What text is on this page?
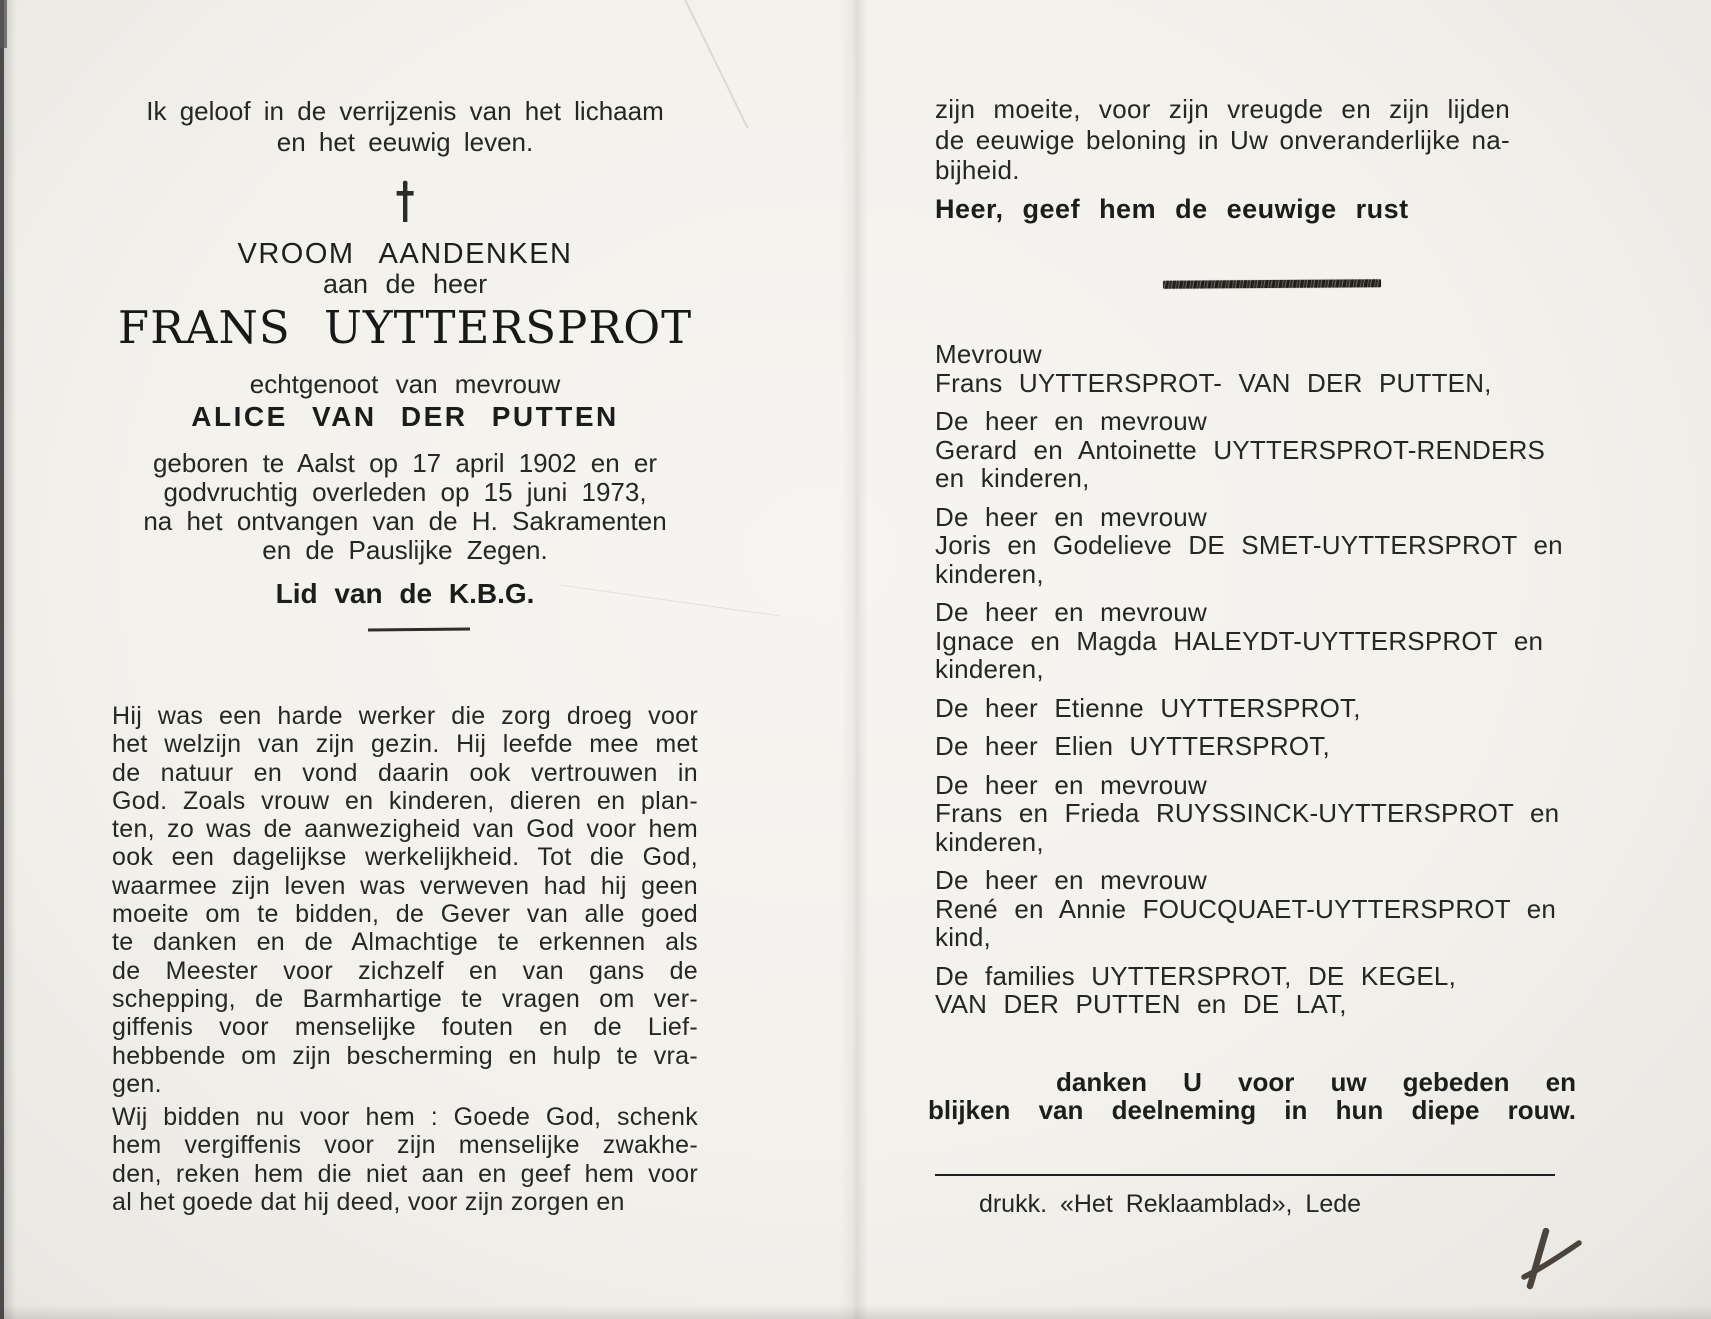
Ik geloof in de verrijzenis van het lichaam
en het eeuwig leven.
VROOM AANDENKEN
aan de heer
FRANS UYTTERSPROT
echtgenoot van mevrouw
ALICE VAN DER PUTTEN
geboren te Aalst op 17 april 1902 en er
godvruchtig overleden op 15 juni 1973,
na het ontvangen van de H. Sakramenten
en de Pauslijke Zegen.
Lid van de K.B.G.
Hij was een harde werker die zorg droeg voor
het welzijn van zijn gezin. Hij leefde mee met
de natuur en vond daarin ook vertrouwen in
God. Zoals vrouw en kinderen, dieren en plan-
ten, zo was de aanwezigheid van God voor hem
ook een dagelijkse werkelijkheid. Tot die God,
waarmee zijn leven was verweven had hij geen
moeite om te bidden, de Gever van alle goed
te danken en de Almachtige te erkennen als
de Meester voor zichzelf en van gans de
schepping, de Barmhartige te vragen om ver-
giffenis voor menselijke fouten en de Lief-
hebbende om zijn bescherming en hulp te vra-
gen.
Wij bidden nu voor hem : Goede God, schenk
hem vergiffenis voor zijn menselijke zwakhe-
den, reken hem die niet aan en geef hem voor
al het goede dat hij deed, voor zijn zorgen en
zijn moeite, voor zijn vreugde en zijn lijden
de eeuwige beloning in Uw onveranderlijke na-
bijheid.
Heer, geef hem de eeuwige rust
Mevrouw
Frans UYTTERSPROT- VAN DER PUTTEN,
De heer en mevrouw
Gerard en Antoinette UYTTERSPROT-RENDERS
en kinderen,
De heer en mevrouw
Joris en Godelieve DE SMET-UYTTERSPROT en
kinderen,
De heer en mevrouw
Ignace en Magda HALEYDT-UYTTERSPROT en
kinderen,
De heer Etienne UYTTERSPROT,
De heer Elien UYTTERSPROT,
De heer en mevrouw
Frans en Frieda RUYSSINCK-UYTTERSPROT en
kinderen,
De heer en mevrouw
René en Annie FOUCQUAET-UYTTERSPROT en
kind,
De families UYTTERSPROT, DE KEGEL,
VAN DER PUTTEN en DE LAT,
danken U voor uw gebeden en
blijken van deelneming in hun diepe rouw.
drukk. «Het Reklaamblad», Lede
